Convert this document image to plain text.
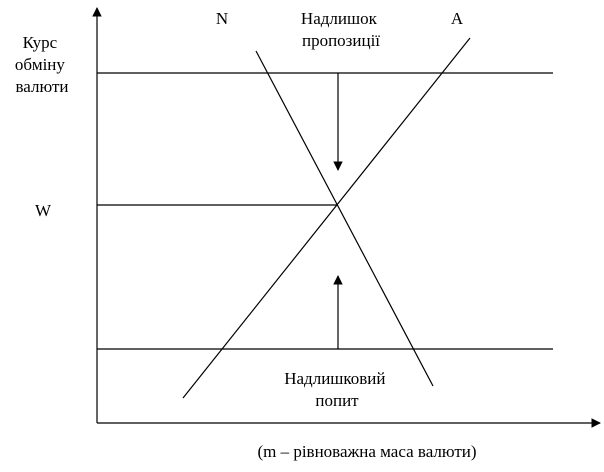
Курс обміну валюти
W
N	A
Надлишок пропозиції
Надлишковий попит
(m – рівноважна маса валюти)
